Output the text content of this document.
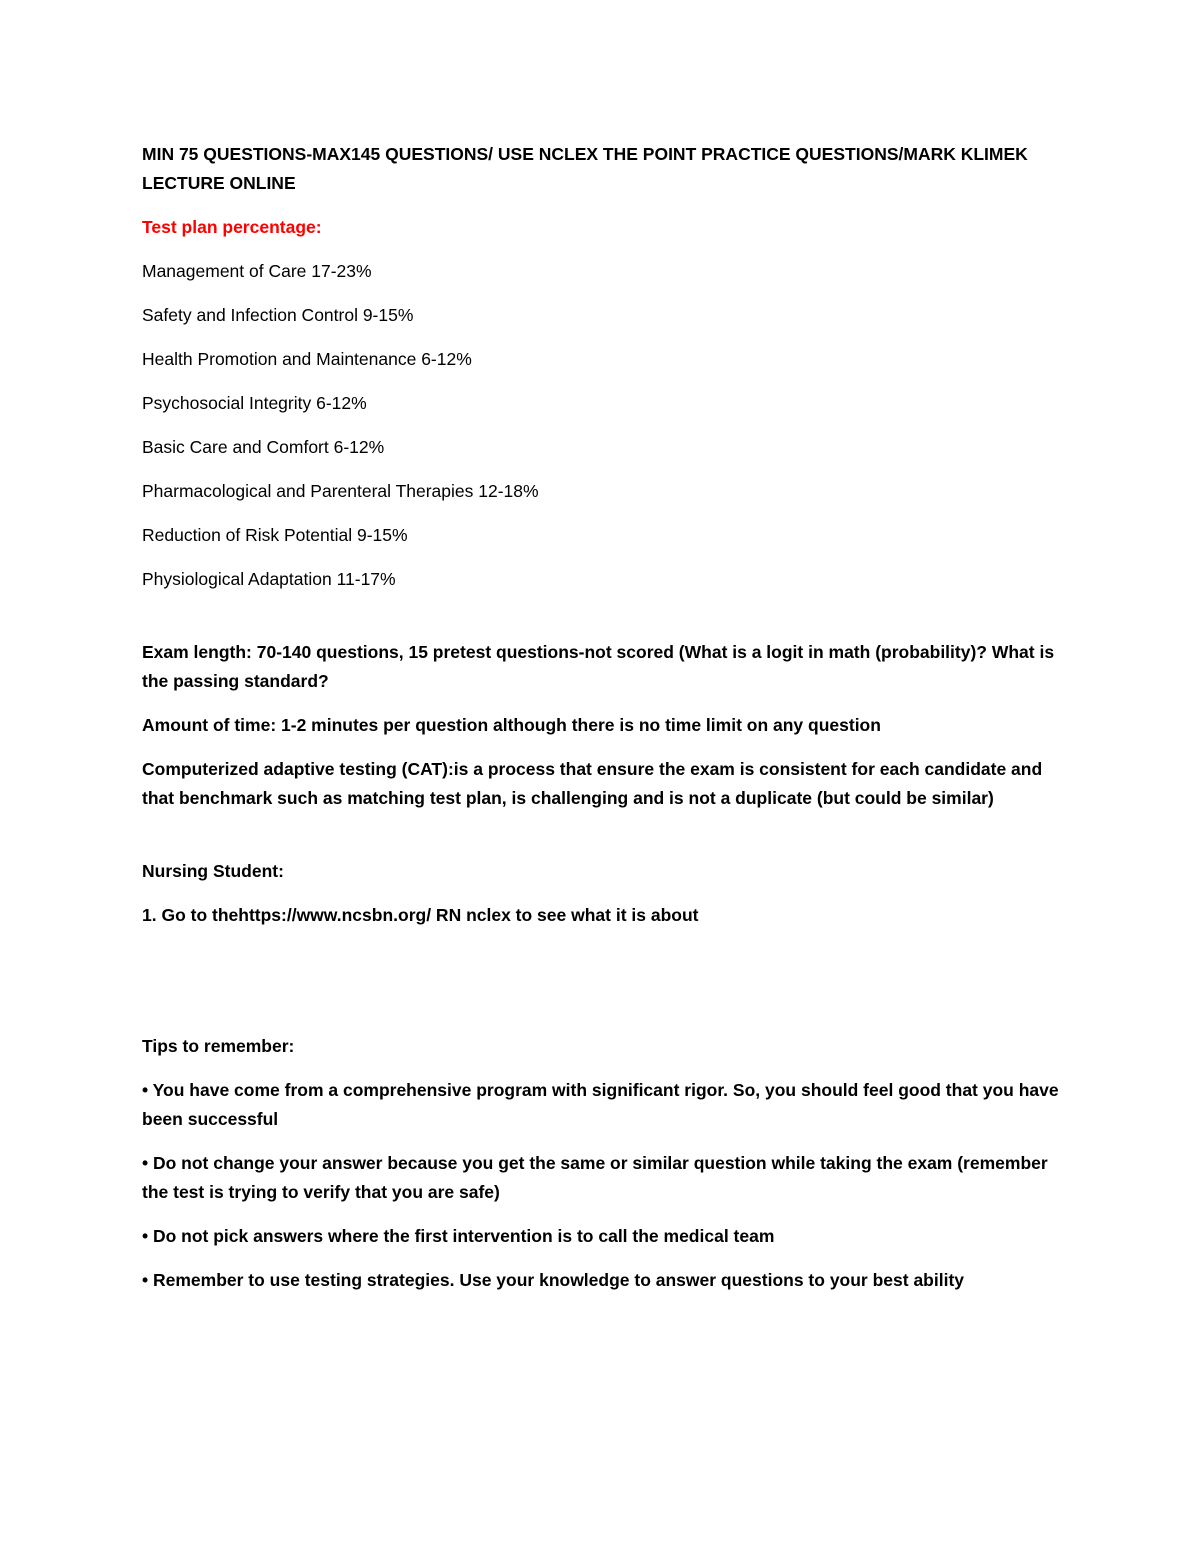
MIN 75 QUESTIONS-MAX145 QUESTIONS/ USE NCLEX THE POINT PRACTICE QUESTIONS/MARK KLIMEK LECTURE ONLINE

Test plan percentage:

Management of Care 17-23%

Safety and Infection Control 9-15%

Health Promotion and Maintenance 6-12%

Psychosocial Integrity 6-12%

Basic Care and Comfort 6-12%

Pharmacological and Parenteral Therapies 12-18%

Reduction of Risk Potential 9-15%

Physiological Adaptation 11-17%

Exam length: 70-140 questions, 15 pretest questions-not scored (What is a logit in math (probability)? What is the passing standard?

Amount of time: 1-2 minutes per question although there is no time limit on any question

Computerized adaptive testing (CAT):is a process that ensure the exam is consistent for each candidate and that benchmark such as matching test plan, is challenging and is not a duplicate (but could be similar)

Nursing Student:

1. Go to thehttps://www.ncsbn.org/ RN nclex to see what it is about

Tips to remember:

• You have come from a comprehensive program with significant rigor. So, you should feel good that you have been successful

• Do not change your answer because you get the same or similar question while taking the exam (remember the test is trying to verify that you are safe)

• Do not pick answers where the first intervention is to call the medical team

• Remember to use testing strategies. Use your knowledge to answer questions to your best ability
